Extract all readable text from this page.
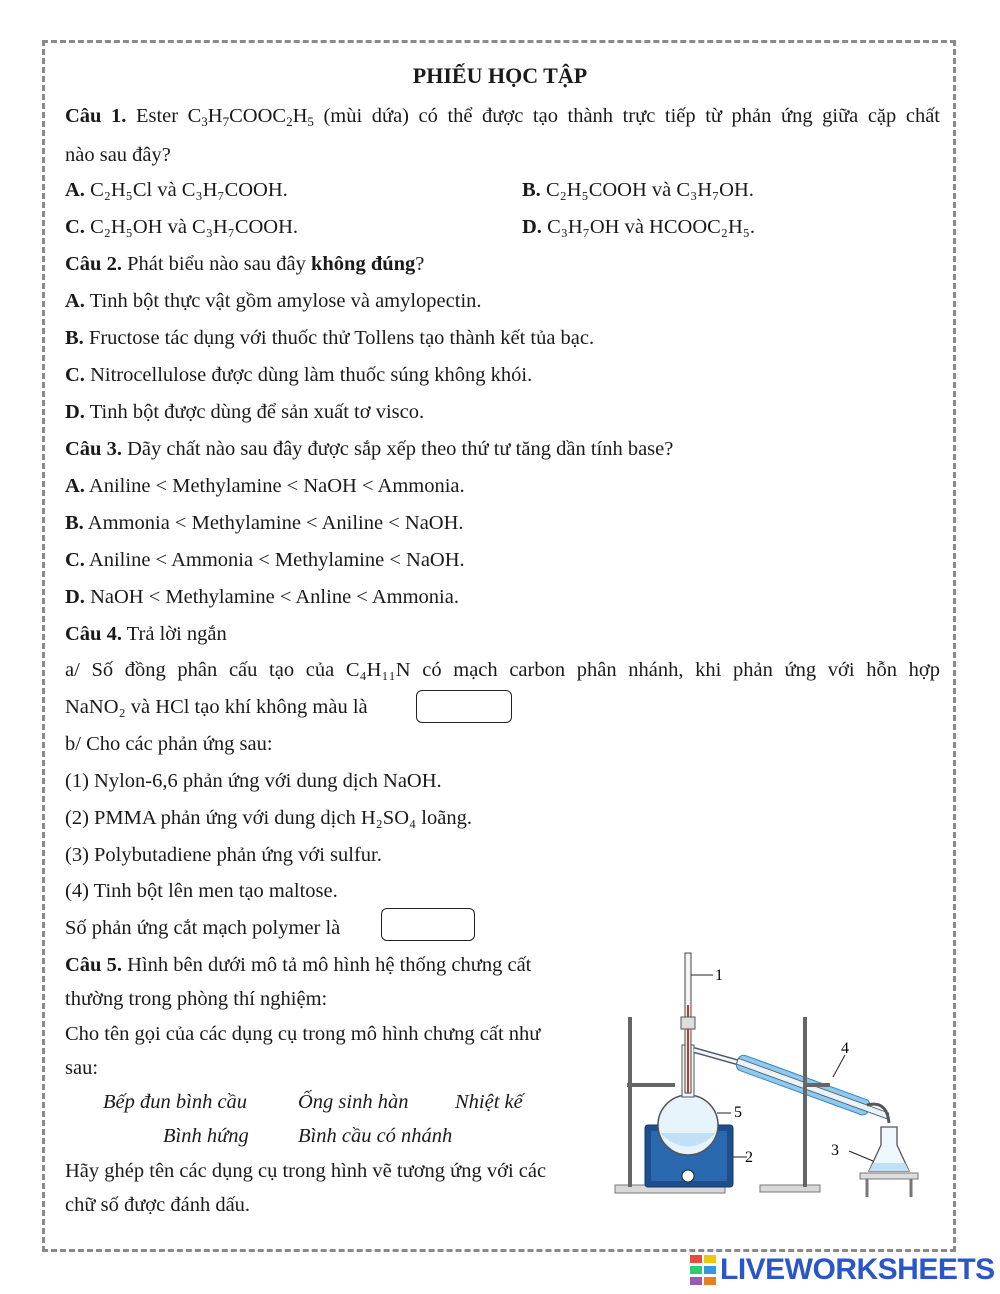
PHIẾU HỌC TẬP
Câu 1. Ester $C_3H_7COOC_2H_5$ (mùi dứa) có thể được tạo thành trực tiếp từ phản ứng giữa cặp chất
nào sau đây?
A. C₂H₅Cl và C₃H₇COOH.	B. C₂H₅COOH và C₃H₇OH.
C. C₂H₅OH và C₃H₇COOH.	D. C₃H₇OH và HCOOC₂H₅.
Câu 2. Phát biểu nào sau đây không đúng?
A. Tinh bột thực vật gồm amylose và amylopectin.
B. Fructose tác dụng với thuốc thử Tollens tạo thành kết tủa bạc.
C. Nitrocellulose được dùng làm thuốc súng không khói.
D. Tinh bột được dùng để sản xuất tơ visco.
Câu 3. Dãy chất nào sau đây được sắp xếp theo thứ tư tăng dần tính base?
A. Aniline < Methylamine < NaOH < Ammonia.
B. Ammonia < Methylamine < Aniline < NaOH.
C. Aniline < Ammonia < Methylamine < NaOH.
D. NaOH < Methylamine < Anline < Ammonia.
Câu 4. Trả lời ngắn
a/ Số đồng phân cấu tạo của C₄H₁₁N có mạch carbon phân nhánh, khi phản ứng với hỗn hợp
NaNO₂ và HCl tạo khí không màu là
b/ Cho các phản ứng sau:
(1) Nylon-6,6 phản ứng với dung dịch NaOH.
(2) PMMA phản ứng với dung dịch H₂SO₄ loãng.
(3) Polybutadiene phản ứng với sulfur.
(4) Tinh bột lên men tạo maltose.
Số phản ứng cắt mạch polymer là
Câu 5. Hình bên dưới mô tả mô hình hệ thống chưng cất
thường trong phòng thí nghiệm:
Cho tên gọi của các dụng cụ trong mô hình chưng cất như
sau:
Bếp đun bình cầu Ống sinh hàn Nhiệt kế
Bình hứng Bình cầu có nhánh
Hãy ghép tên các dụng cụ trong hình vẽ tương ứng với các
chữ số được đánh dấu.
1
2	3
4
5
LIVEWORKSHEETS
